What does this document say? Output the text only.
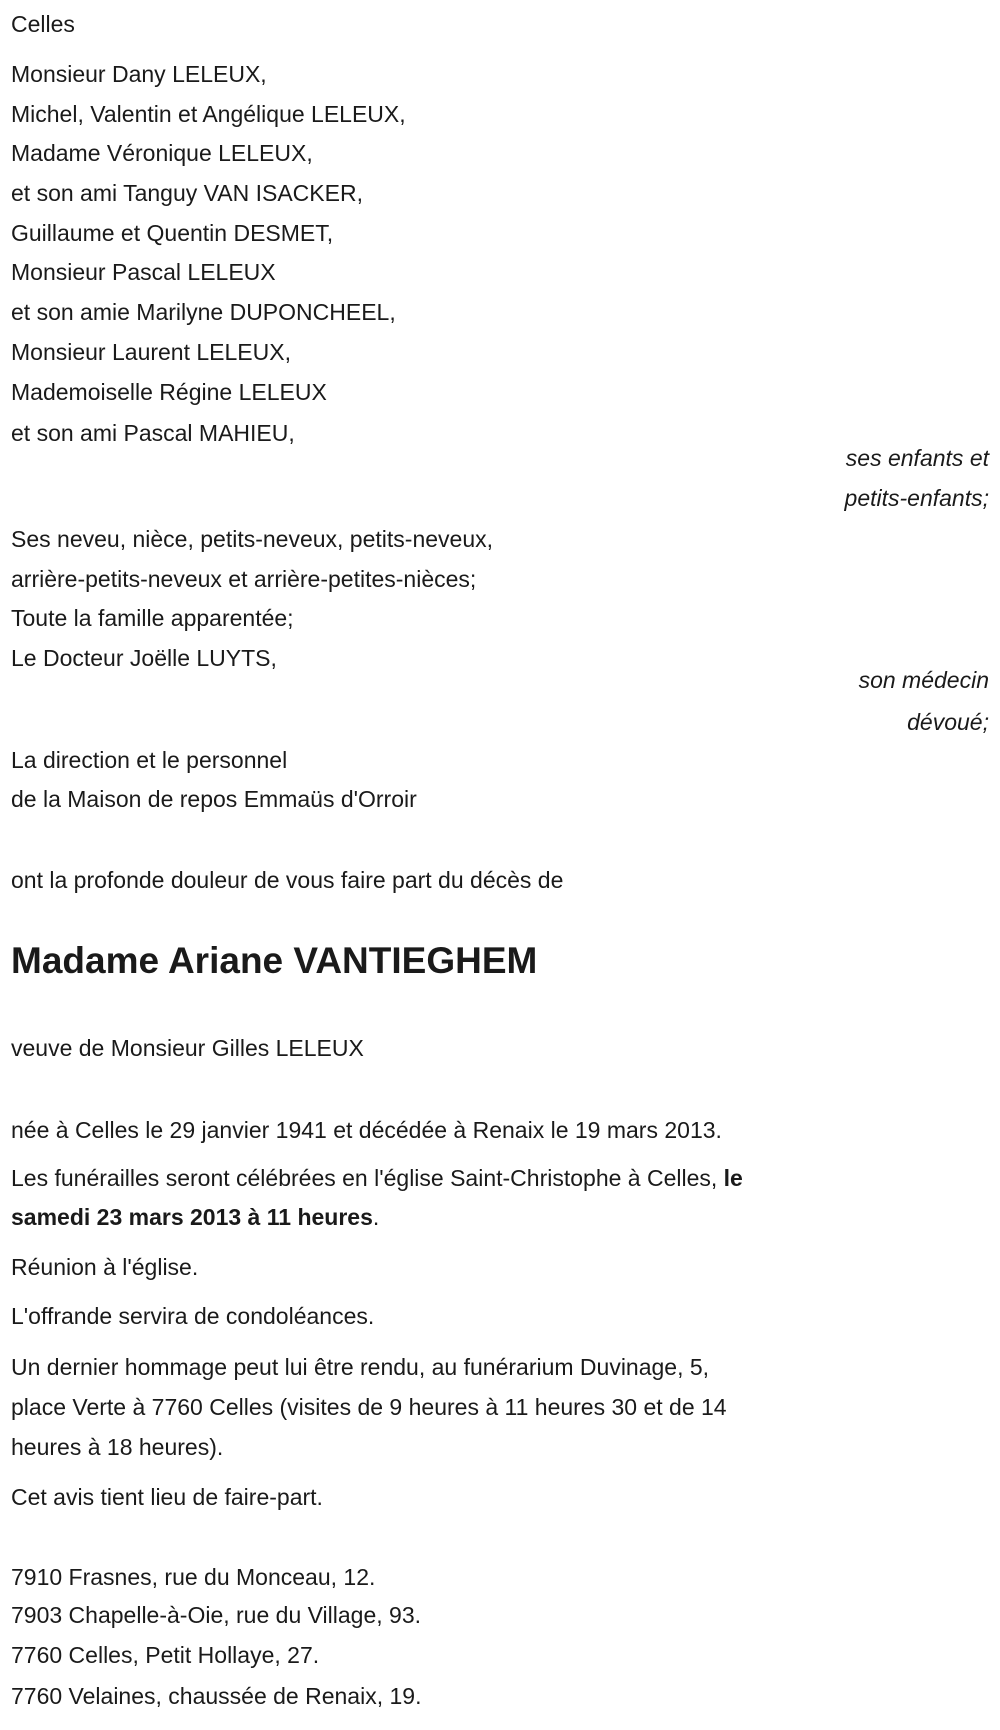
Celles
Monsieur Dany LELEUX,
Michel, Valentin et Angélique LELEUX,
Madame Véronique LELEUX,
et son ami Tanguy VAN ISACKER,
Guillaume et Quentin DESMET,
Monsieur Pascal LELEUX
et son amie Marilyne DUPONCHEEL,
Monsieur Laurent LELEUX,
Mademoiselle Régine LELEUX
et son ami Pascal MAHIEU,
ses enfants et
petits-enfants;
Ses neveu, nièce, petits-neveux, petits-neveux,
arrière-petits-neveux et arrière-petites-nièces;
Toute la famille apparentée;
Le Docteur Joëlle LUYTS,
son médecin
dévoué;
La direction et le personnel
de la Maison de repos Emmaüs d'Orroir
ont la profonde douleur de vous faire part du décès de
Madame Ariane VANTIEGHEM
veuve de Monsieur Gilles LELEUX
née à Celles le 29 janvier 1941 et décédée à Renaix le 19 mars 2013.
Les funérailles seront célébrées en l'église Saint-Christophe à Celles, le
samedi 23 mars 2013 à 11 heures.
Réunion à l'église.
L'offrande servira de condoléances.
Un dernier hommage peut lui être rendu, au funérarium Duvinage, 5,
place Verte à 7760 Celles (visites de 9 heures à 11 heures 30 et de 14
heures à 18 heures).
Cet avis tient lieu de faire-part.
7910 Frasnes, rue du Monceau, 12.
7903 Chapelle-à-Oie, rue du Village, 93.
7760 Celles, Petit Hollaye, 27.
7760 Velaines, chaussée de Renaix, 19.
